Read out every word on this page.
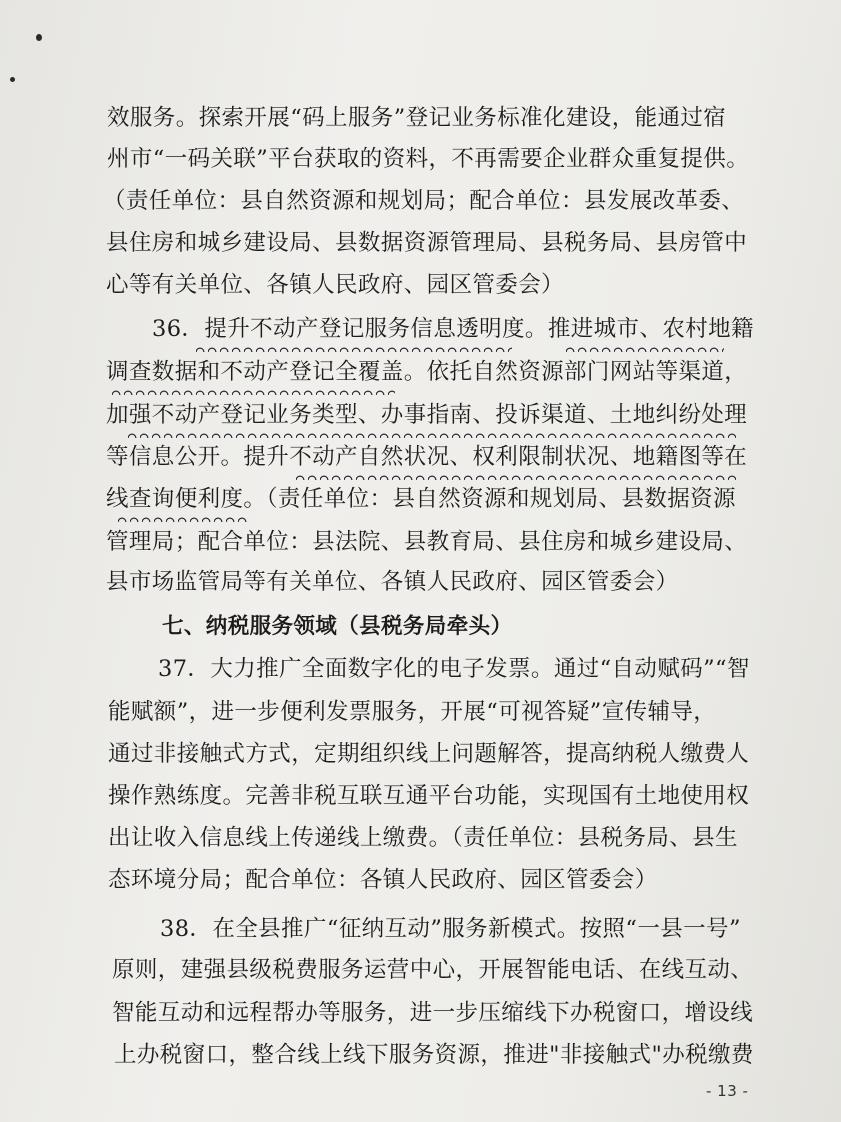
效服务。探索开展“码上服务”登记业务标准化建设，能通过宿
州市“一码关联”平台获取的资料，不再需要企业群众重复提供。
（责任单位：县自然资源和规划局；配合单位：县发展改革委、
县住房和城乡建设局、县数据资源管理局、县税务局、县房管中
心等有关单位、各镇人民政府、园区管委会）
36．提升不动产登记服务信息透明度。推进城市、农村地籍
调查数据和不动产登记全覆盖。依托自然资源部门网站等渠道，
加强不动产登记业务类型、办事指南、投诉渠道、土地纠纷处理
等信息公开。提升不动产自然状况、权利限制状况、地籍图等在
线查询便利度。（责任单位：县自然资源和规划局、县数据资源
管理局；配合单位：县法院、县教育局、县住房和城乡建设局、
县市场监管局等有关单位、各镇人民政府、园区管委会）
七、纳税服务领域（县税务局牵头）
37．大力推广全面数字化的电子发票。通过“自动赋码”“智
能赋额”，进一步便利发票服务，开展“可视答疑”宣传辅导，
通过非接触式方式，定期组织线上问题解答，提高纳税人缴费人
操作熟练度。完善非税互联互通平台功能，实现国有土地使用权
出让收入信息线上传递线上缴费。（责任单位：县税务局、县生
态环境分局；配合单位：各镇人民政府、园区管委会）
38．在全县推广“征纳互动”服务新模式。按照“一县一号”
原则，建强县级税费服务运营中心，开展智能电话、在线互动、
智能互动和远程帮办等服务，进一步压缩线下办税窗口，增设线
上办税窗口，整合线上线下服务资源，推进"非接触式"办税缴费
- 13 -
